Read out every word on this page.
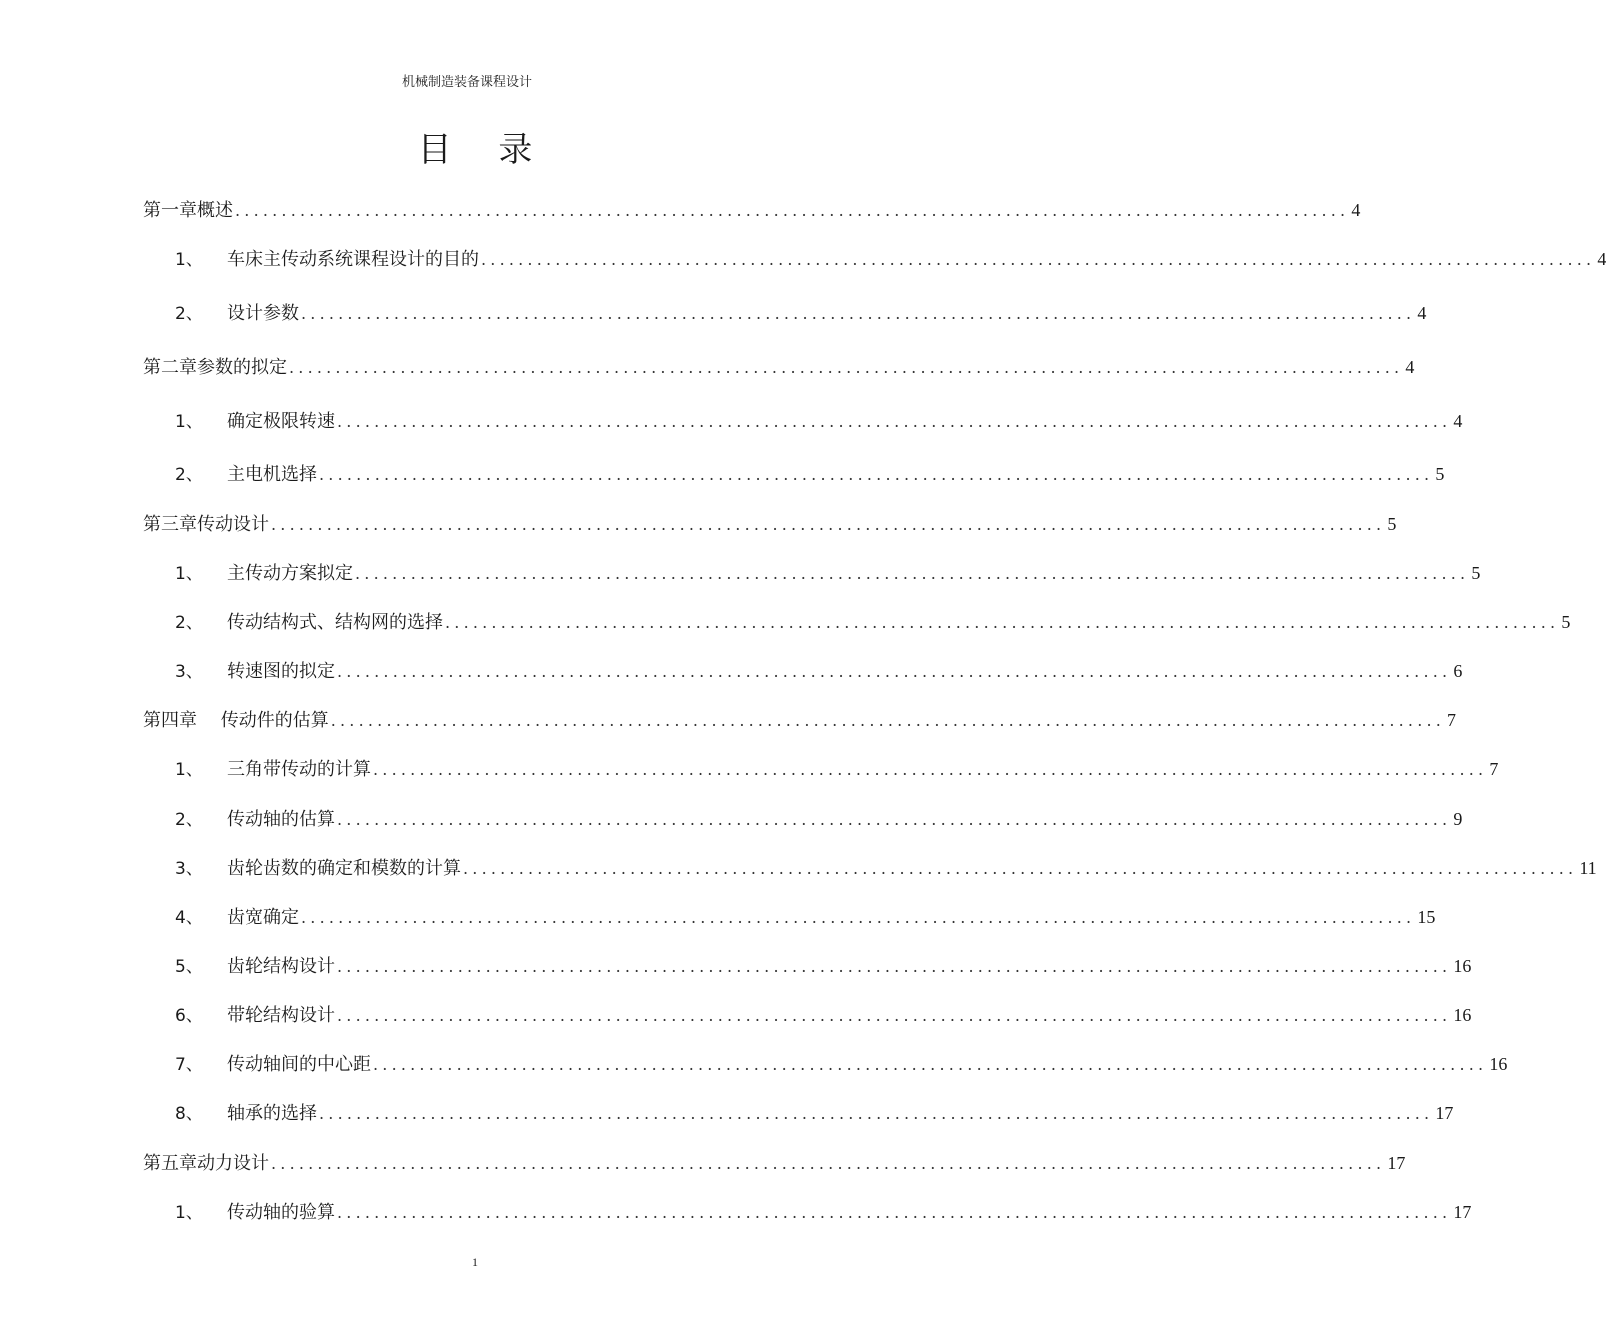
机械制造装备课程设计
目 录
第一章概述 ........................................................................................................................ 4
1、	车床主传动系统课程设计的目的 ........................................................................................................................ 4
2、	设计参数 ........................................................................................................................ 4
第二章参数的拟定 ........................................................................................................................ 4
1、	确定极限转速 ........................................................................................................................ 4
2、	主电机选择 ........................................................................................................................ 5
第三章传动设计 ........................................................................................................................ 5
1、	主传动方案拟定 ........................................................................................................................ 5
2、	传动结构式、结构网的选择 ........................................................................................................................ 5
3、	转速图的拟定 ........................................................................................................................ 6
第四章　 传动件的估算 ........................................................................................................................ 7
1、	三角带传动的计算 ........................................................................................................................ 7
2、	传动轴的估算 ........................................................................................................................ 9
3、	齿轮齿数的确定和模数的计算 ........................................................................................................................ 11
4、	齿宽确定 ........................................................................................................................ 15
5、	齿轮结构设计 ........................................................................................................................ 16
6、	带轮结构设计 ........................................................................................................................ 16
7、	传动轴间的中心距 ........................................................................................................................ 16
8、	轴承的选择 ........................................................................................................................ 17
第五章动力设计 ........................................................................................................................ 17
1、	传动轴的验算 ........................................................................................................................ 17
1
